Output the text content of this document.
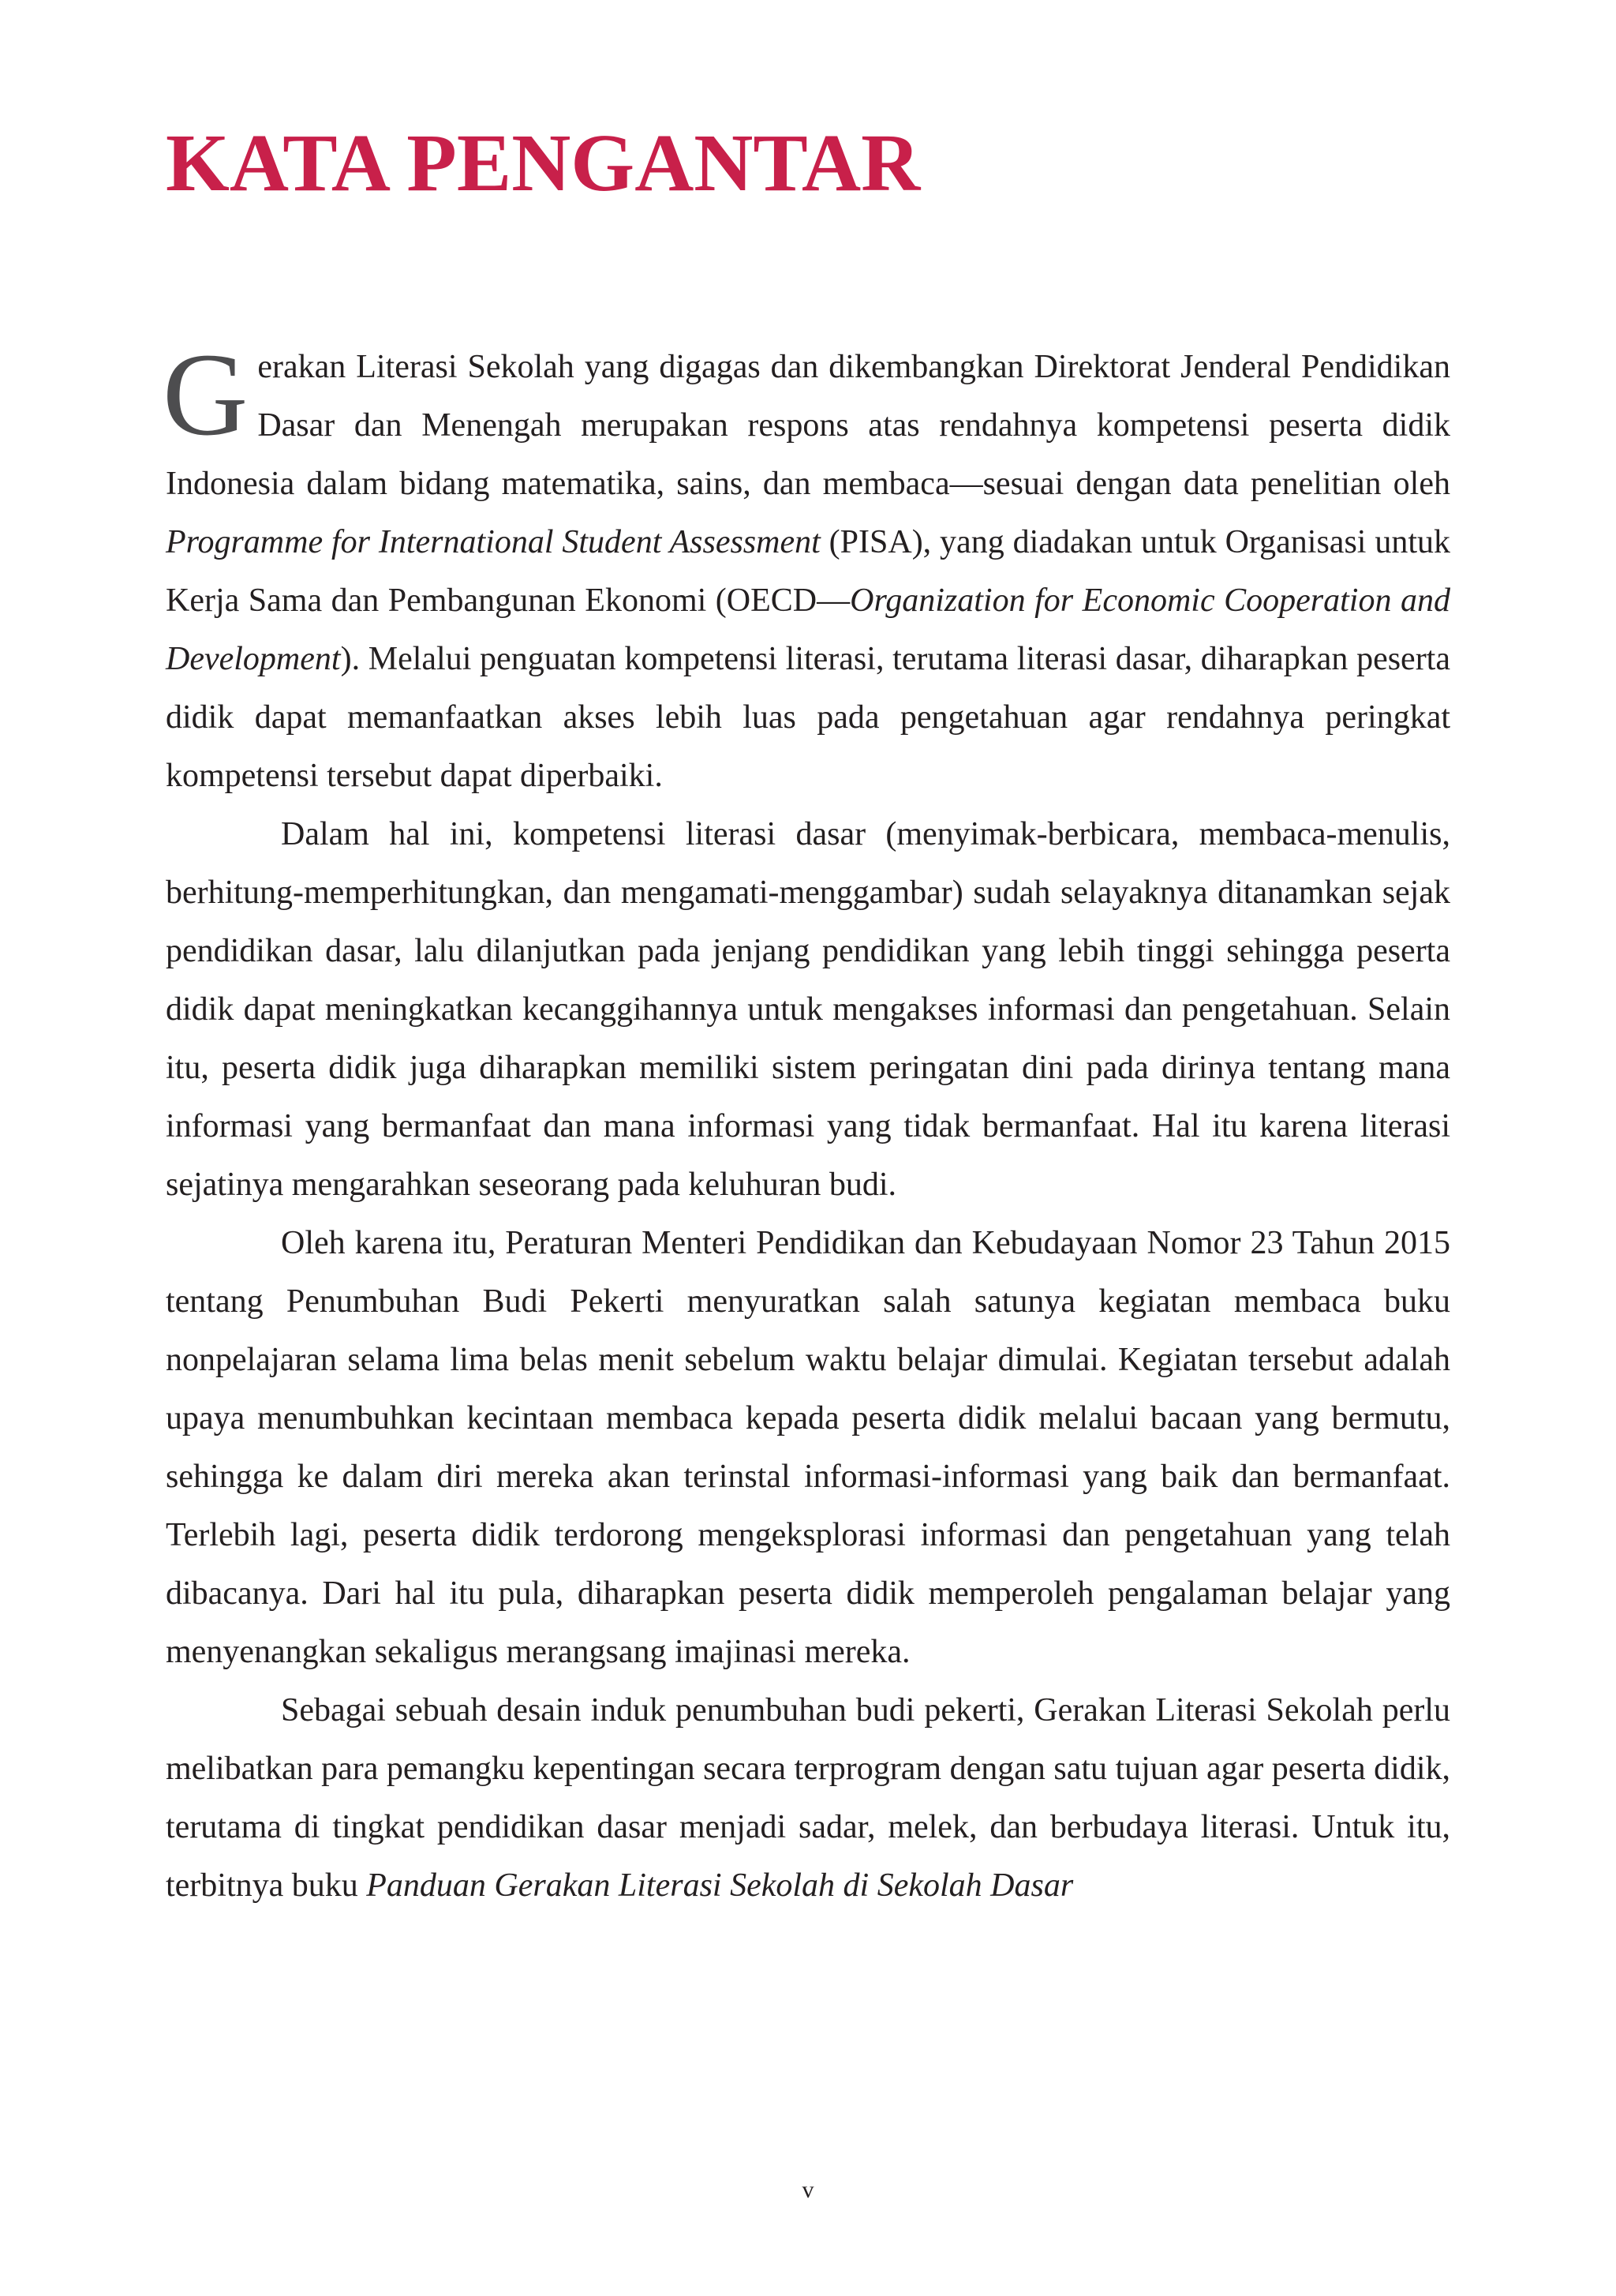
KATA PENGANTAR

Gerakan Literasi Sekolah yang digagas dan dikembangkan Direktorat Jenderal Pendidikan Dasar dan Menengah merupakan respons atas rendahnya kompetensi peserta didik Indonesia dalam bidang matematika, sains, dan membaca—sesuai dengan data penelitian oleh Programme for International Student Assessment (PISA), yang diadakan untuk Organisasi untuk Kerja Sama dan Pembangunan Ekonomi (OECD—Organization for Economic Cooperation and Development). Melalui penguatan kompetensi literasi, terutama literasi dasar, diharapkan peserta didik dapat memanfaatkan akses lebih luas pada pengetahuan agar rendahnya peringkat kompetensi tersebut dapat diperbaiki.

Dalam hal ini, kompetensi literasi dasar (menyimak-berbicara, membaca-menulis, berhitung-memperhitungkan, dan mengamati-menggambar) sudah selayaknya ditanamkan sejak pendidikan dasar, lalu dilanjutkan pada jenjang pendidikan yang lebih tinggi sehingga peserta didik dapat meningkatkan kecanggihannya untuk mengakses informasi dan pengetahuan. Selain itu, peserta didik juga diharapkan memiliki sistem peringatan dini pada dirinya tentang mana informasi yang bermanfaat dan mana informasi yang tidak bermanfaat. Hal itu karena literasi sejatinya mengarahkan seseorang pada keluhuran budi.

Oleh karena itu, Peraturan Menteri Pendidikan dan Kebudayaan Nomor 23 Tahun 2015 tentang Penumbuhan Budi Pekerti menyuratkan salah satunya kegiatan membaca buku nonpelajaran selama lima belas menit sebelum waktu belajar dimulai. Kegiatan tersebut adalah upaya menumbuhkan kecintaan membaca kepada peserta didik melalui bacaan yang bermutu, sehingga ke dalam diri mereka akan terinstal informasi-informasi yang baik dan bermanfaat. Terlebih lagi, peserta didik terdorong mengeksplorasi informasi dan pengetahuan yang telah dibacanya. Dari hal itu pula, diharapkan peserta didik memperoleh pengalaman belajar yang menyenangkan sekaligus merangsang imajinasi mereka.

Sebagai sebuah desain induk penumbuhan budi pekerti, Gerakan Literasi Sekolah perlu melibatkan para pemangku kepentingan secara terprogram dengan satu tujuan agar peserta didik, terutama di tingkat pendidikan dasar menjadi sadar, melek, dan berbudaya literasi. Untuk itu, terbitnya buku Panduan Gerakan Literasi Sekolah di Sekolah Dasar

v
